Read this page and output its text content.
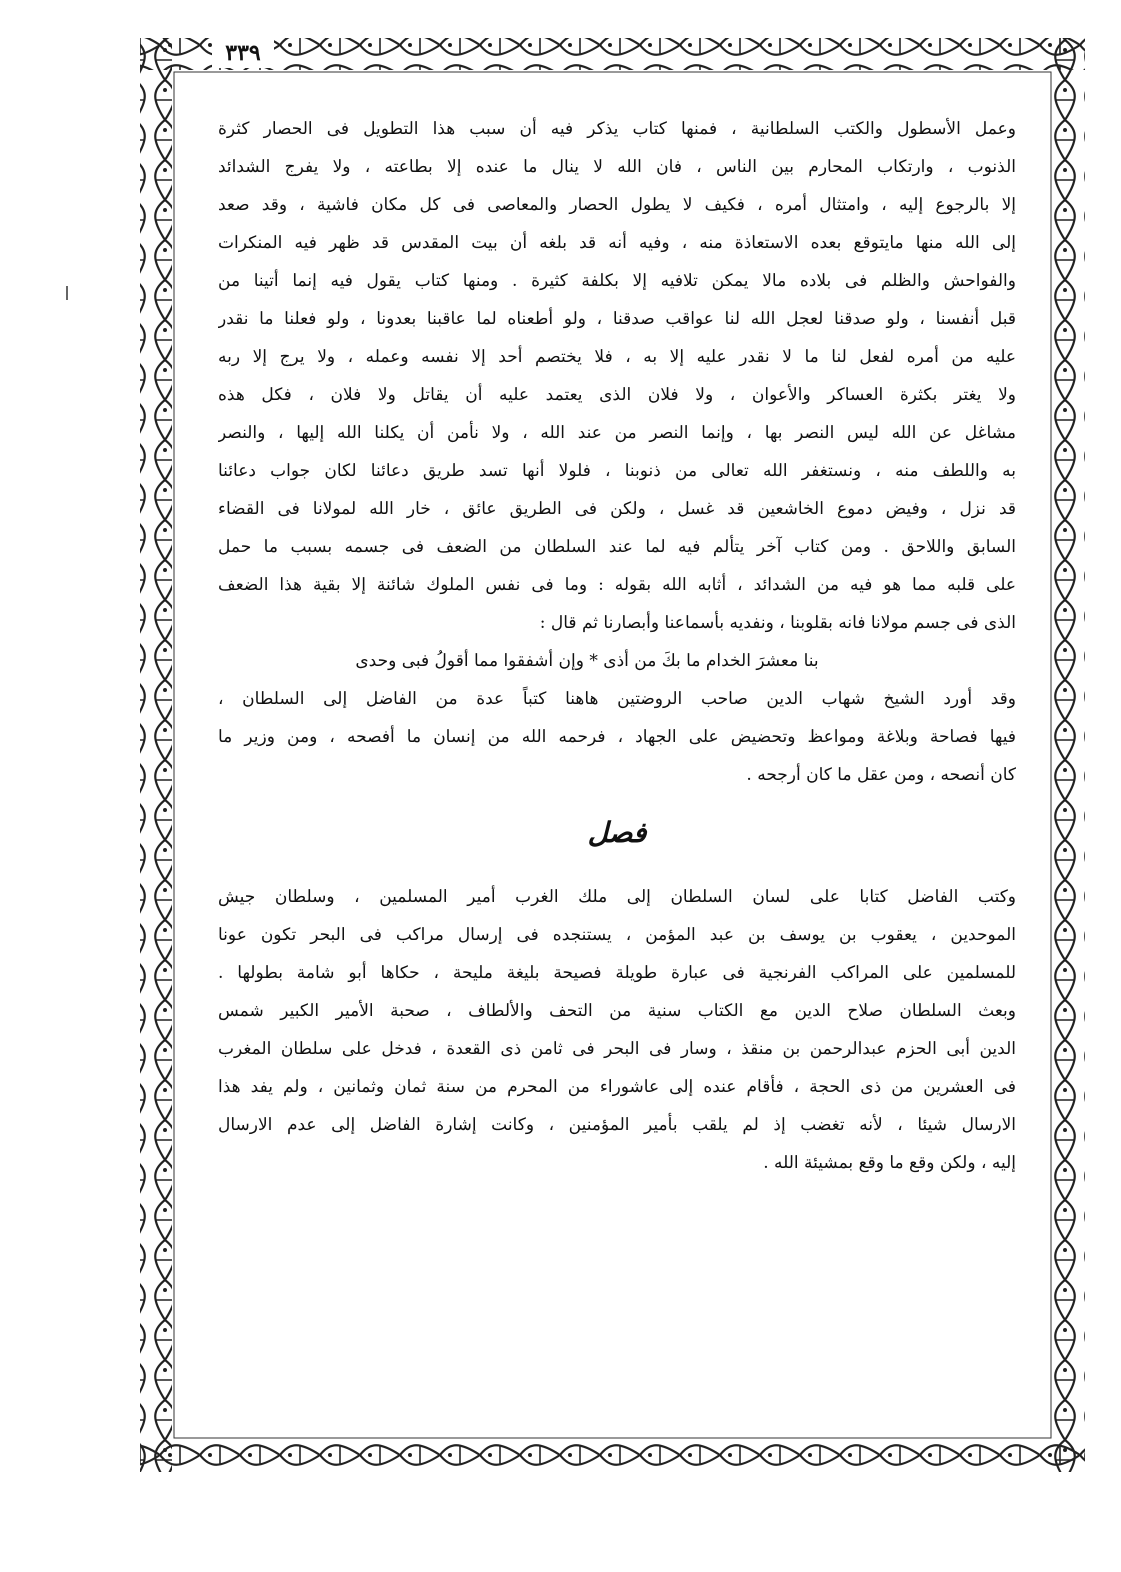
٣٣٩
وعمل الأسطول والكتب السلطانية ، فمنها كتاب يذكر فيه أن سبب هذا التطويل فى الحصار كثرة
الذنوب ، وارتكاب المحارم بين الناس ، فان الله لا ينال ما عنده إلا بطاعته ، ولا يفرج الشدائد
إلا بالرجوع إليه ، وامتثال أمره ، فكيف لا يطول الحصار والمعاصى فى كل مكان فاشية ، وقد صعد
إلى الله منها مايتوقع بعده الاستعاذة منه ، وفيه أنه قد بلغه أن بيت المقدس قد ظهر فيه المنكرات
والفواحش والظلم فى بلاده مالا يمكن تلافيه إلا بكلفة كثيرة . ومنها كتاب يقول فيه إنما أتينا من
قبل أنفسنا ، ولو صدقنا لعجل الله لنا عواقب صدقنا ، ولو أطعناه لما عاقبنا بعدونا ، ولو فعلنا ما نقدر
عليه من أمره لفعل لنا ما لا نقدر عليه إلا به ، فلا يختصم أحد إلا نفسه وعمله ، ولا يرج إلا ربه
ولا يغتر بكثرة العساكر والأعوان ، ولا فلان الذى يعتمد عليه أن يقاتل ولا فلان ، فكل هذه
مشاغل عن الله ليس النصر بها ، وإنما النصر من عند الله ، ولا نأمن أن يكلنا الله إليها ، والنصر
به واللطف منه ، ونستغفر الله تعالى من ذنوبنا ، فلولا أنها تسد طريق دعائنا لكان جواب دعائنا
قد نزل ، وفيض دموع الخاشعين قد غسل ، ولكن فى الطريق عائق ، خار الله لمولانا فى القضاء
السابق واللاحق . ومن كتاب آخر يتألم فيه لما عند السلطان من الضعف فى جسمه بسبب ما حمل
على قلبه مما هو فيه من الشدائد ، أثابه الله بقوله : وما فى نفس الملوك شائنة إلا بقية هذا الضعف
الذى فى جسم مولانا فانه بقلوبنا ، ونفديه بأسماعنا وأبصارنا ثم قال :
بنا معشرَ الخدام ما بكَ من أذى * وإن أشفقوا مما أقولُ فبى وحدى
وقد أورد الشيخ شهاب الدين صاحب الروضتين هاهنا كتباً عدة من الفاضل إلى السلطان ،
فيها فصاحة وبلاغة ومواعظ وتحضيض على الجهاد ، فرحمه الله من إنسان ما أفصحه ، ومن وزير ما
كان أنصحه ، ومن عقل ما كان أرجحه .
فصل
وكتب الفاضل كتابا على لسان السلطان إلى ملك الغرب أمير المسلمين ، وسلطان جيش
الموحدين ، يعقوب بن يوسف بن عبد المؤمن ، يستنجده فى إرسال مراكب فى البحر تكون عونا
للمسلمين على المراكب الفرنجية فى عبارة طويلة فصيحة بليغة مليحة ، حكاها أبو شامة بطولها .
وبعث السلطان صلاح الدين مع الكتاب سنية من التحف والألطاف ، صحبة الأمير الكبير شمس
الدين أبى الحزم عبدالرحمن بن منقذ ، وسار فى البحر فى ثامن ذى القعدة ، فدخل على سلطان المغرب
فى العشرين من ذى الحجة ، فأقام عنده إلى عاشوراء من المحرم من سنة ثمان وثمانين ، ولم يفد هذا
الارسال شيئا ، لأنه تغضب إذ لم يلقب بأمير المؤمنين ، وكانت إشارة الفاضل إلى عدم الارسال
إليه ، ولكن وقع ما وقع بمشيئة الله .
